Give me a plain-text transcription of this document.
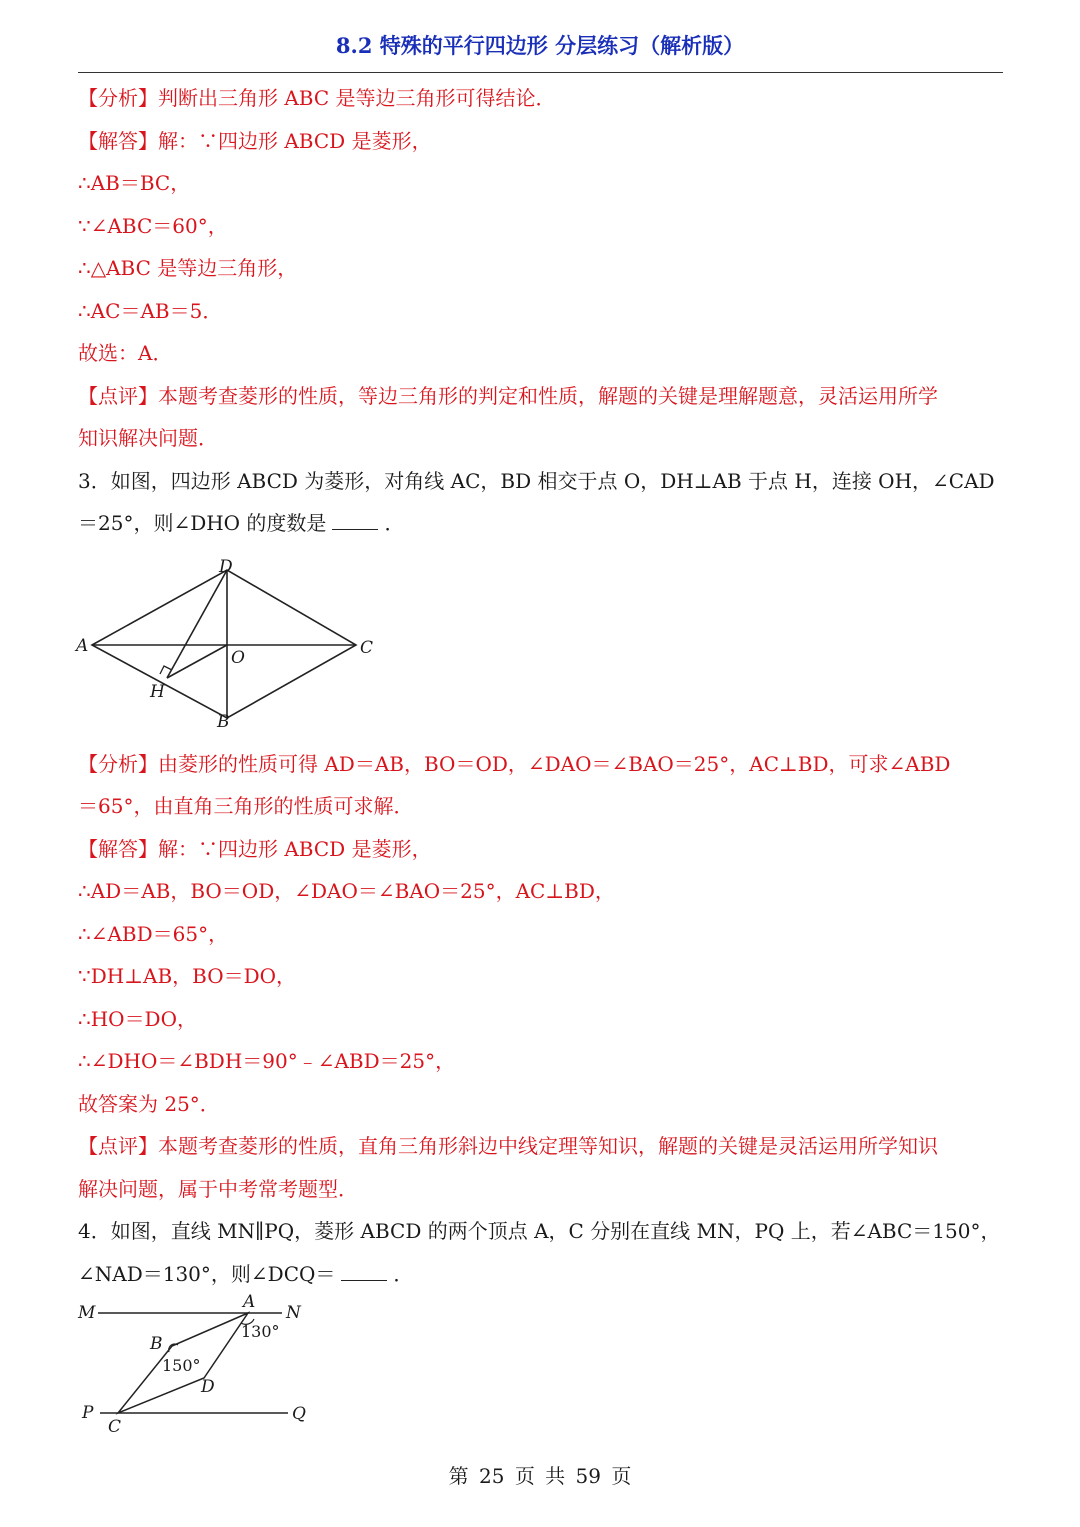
8.2 特殊的平行四边形 分层练习（解析版）
【分析】判断出三角形 ABC 是等边三角形可得结论．
【解答】解：∵四边形 ABCD 是菱形，
∴AB＝BC，
∵∠ABC＝60°，
∴△ABC 是等边三角形，
∴AC＝AB＝5．
故选：A．
【点评】本题考查菱形的性质，等边三角形的判定和性质，解题的关键是理解题意，灵活运用所学
知识解决问题．
3．如图，四边形 ABCD 为菱形，对角线 AC，BD 相交于点 O，DH⊥AB 于点 H，连接 OH，∠CAD
＝25°，则∠DHO 的度数是	．
D
A	C
O
H
B
【分析】由菱形的性质可得 AD＝AB，BO＝OD，∠DAO＝∠BAO＝25°，AC⊥BD，可求∠ABD
＝65°，由直角三角形的性质可求解．
【解答】解：∵四边形 ABCD 是菱形，
∴AD＝AB，BO＝OD，∠DAO＝∠BAO＝25°，AC⊥BD，
∴∠ABD＝65°，
∵DH⊥AB，BO＝DO，
∴HO＝DO，
∴∠DHO＝∠BDH＝90°﹣∠ABD＝25°，
故答案为 25°．
【点评】本题考查菱形的性质，直角三角形斜边中线定理等知识，解题的关键是灵活运用所学知识
解决问题，属于中考常考题型．
4．如图，直线 MN∥PQ，菱形 ABCD 的两个顶点 A，C 分别在直线 MN，PQ 上，若∠ABC＝150°，
∠NAD＝130°，则∠DCQ＝	．
M	N
A
B
D
P	Q
C
130°
150°
第 25 页 共 59 页
